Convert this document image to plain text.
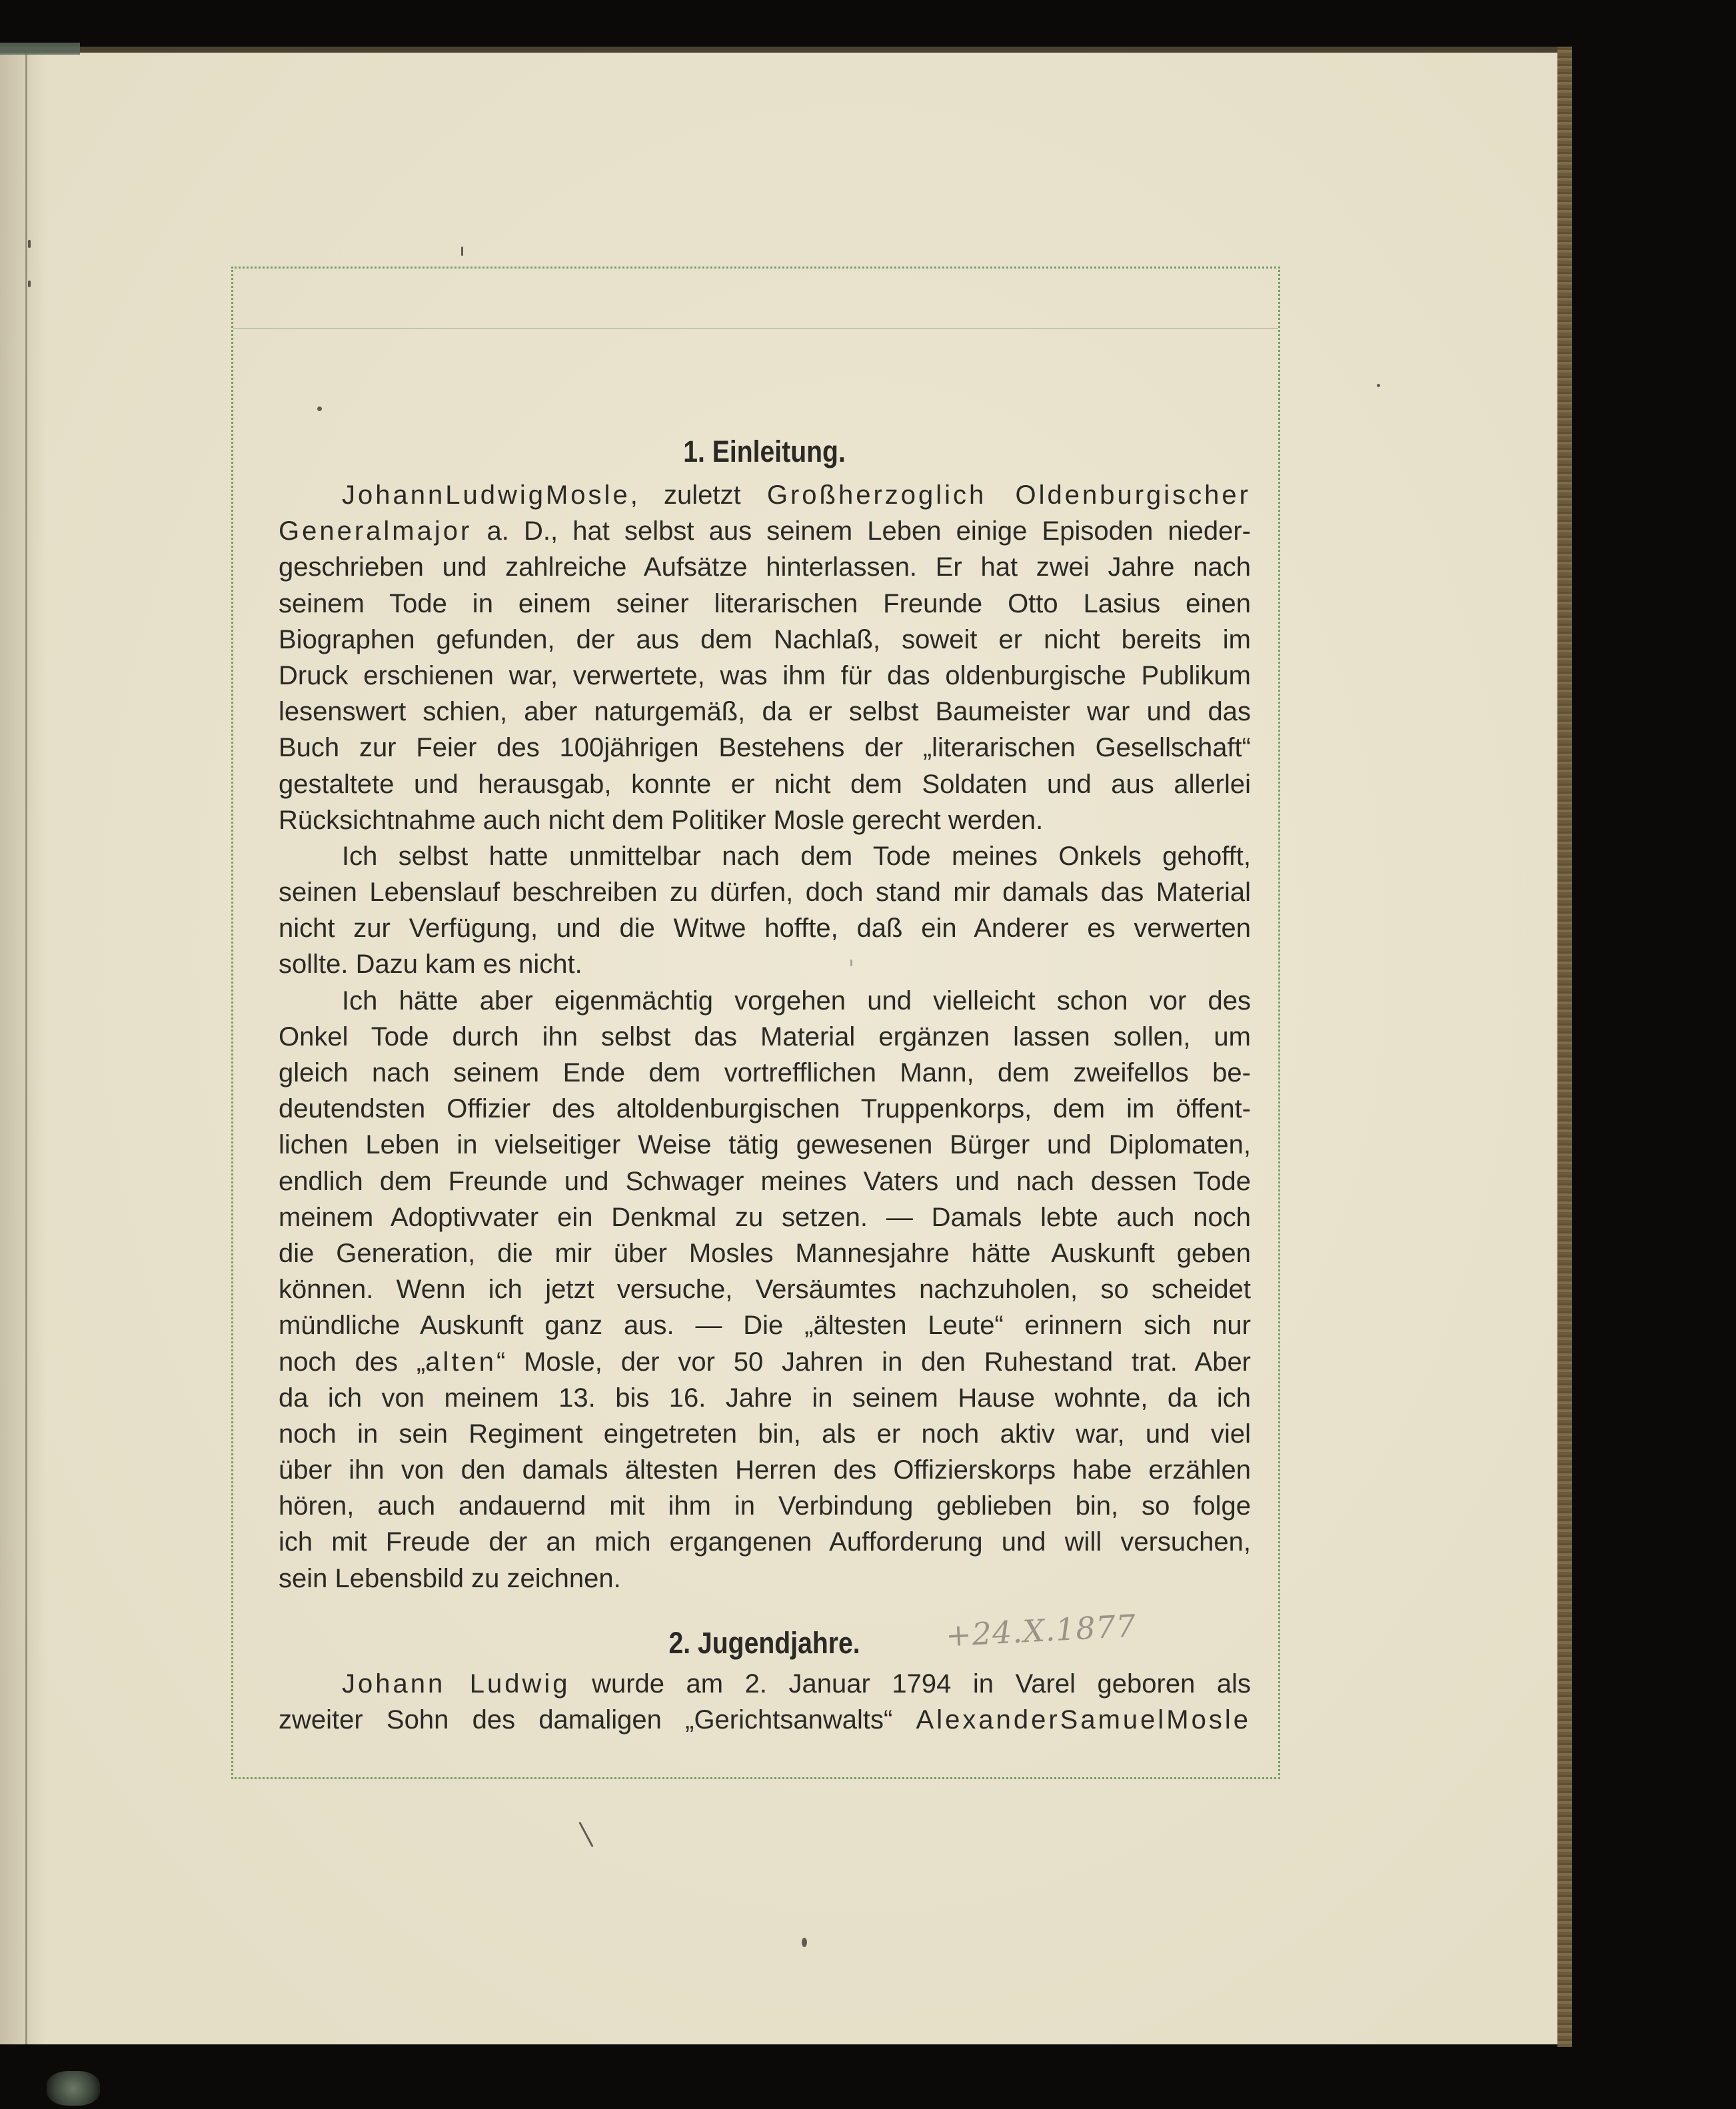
1. Einleitung.
JohannLudwigMosle, zuletzt Großherzoglich Oldenburgischer
Generalmajor a. D., hat selbst aus seinem Leben einige Episoden nieder-
geschrieben und zahlreiche Aufsätze hinterlassen. Er hat zwei Jahre nach
seinem Tode in einem seiner literarischen Freunde Otto Lasius einen
Biographen gefunden, der aus dem Nachlaß, soweit er nicht bereits im
Druck erschienen war, verwertete, was ihm für das oldenburgische Publikum
lesenswert schien, aber naturgemäß, da er selbst Baumeister war und das
Buch zur Feier des 100jährigen Bestehens der „literarischen Gesellschaft“
gestaltete und herausgab, konnte er nicht dem Soldaten und aus allerlei
Rücksichtnahme auch nicht dem Politiker Mosle gerecht werden.
Ich selbst hatte unmittelbar nach dem Tode meines Onkels gehofft,
seinen Lebenslauf beschreiben zu dürfen, doch stand mir damals das Material
nicht zur Verfügung, und die Witwe hoffte, daß ein Anderer es verwerten
sollte. Dazu kam es nicht.
Ich hätte aber eigenmächtig vorgehen und vielleicht schon vor des
Onkel Tode durch ihn selbst das Material ergänzen lassen sollen, um
gleich nach seinem Ende dem vortrefflichen Mann, dem zweifellos be-
deutendsten Offizier des altoldenburgischen Truppenkorps, dem im öffent-
lichen Leben in vielseitiger Weise tätig gewesenen Bürger und Diplomaten,
endlich dem Freunde und Schwager meines Vaters und nach dessen Tode
meinem Adoptivvater ein Denkmal zu setzen. — Damals lebte auch noch
die Generation, die mir über Mosles Mannesjahre hätte Auskunft geben
können. Wenn ich jetzt versuche, Versäumtes nachzuholen, so scheidet
mündliche Auskunft ganz aus. — Die „ältesten Leute“ erinnern sich nur
noch des „alten“ Mosle, der vor 50 Jahren in den Ruhestand trat. Aber
da ich von meinem 13. bis 16. Jahre in seinem Hause wohnte, da ich
noch in sein Regiment eingetreten bin, als er noch aktiv war, und viel
über ihn von den damals ältesten Herren des Offizierskorps habe erzählen
hören, auch andauernd mit ihm in Verbindung geblieben bin, so folge
ich mit Freude der an mich ergangenen Aufforderung und will versuchen,
sein Lebensbild zu zeichnen.
2. Jugendjahre.	+24.X.1877
Johann Ludwig wurde am 2. Januar 1794 in Varel geboren als
zweiter Sohn des damaligen „Gerichtsanwalts“ AlexanderSamuelMosle
